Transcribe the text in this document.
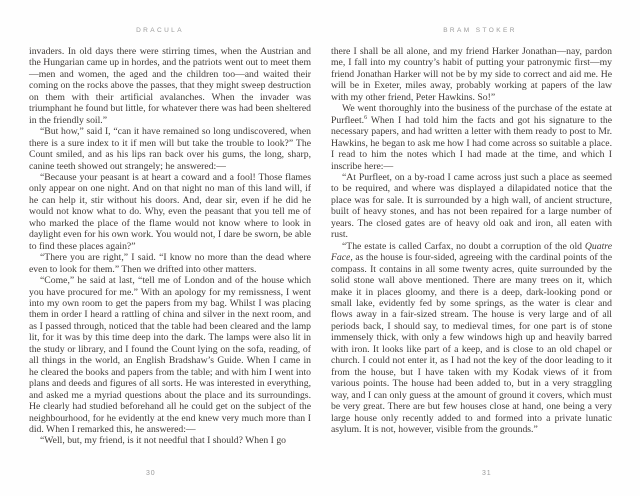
DRACULA

invaders. In old days there were stirring times, when the Austrian and the Hungarian came up in hordes, and the patriots went out to meet them—men and women, the aged and the children too—and waited their coming on the rocks above the passes, that they might sweep destruction on them with their artificial avalanches. When the invader was triumphant he found but little, for whatever there was had been sheltered in the friendly soil.”

“But how,” said I, “can it have remained so long undiscovered, when there is a sure index to it if men will but take the trouble to look?” The Count smiled, and as his lips ran back over his gums, the long, sharp, canine teeth showed out strangely; he answered:—

“Because your peasant is at heart a coward and a fool! Those flames only appear on one night. And on that night no man of this land will, if he can help it, stir without his doors. And, dear sir, even if he did he would not know what to do. Why, even the peasant that you tell me of who marked the place of the flame would not know where to look in daylight even for his own work. You would not, I dare be sworn, be able to find these places again?”

“There you are right,” I said. “I know no more than the dead where even to look for them.” Then we drifted into other matters.

“Come,” he said at last, “tell me of London and of the house which you have procured for me.” With an apology for my remissness, I went into my own room to get the papers from my bag. Whilst I was placing them in order I heard a rattling of china and silver in the next room, and as I passed through, noticed that the table had been cleared and the lamp lit, for it was by this time deep into the dark. The lamps were also lit in the study or library, and I found the Count lying on the sofa, reading, of all things in the world, an English Bradshaw’s Guide. When I came in he cleared the books and papers from the table; and with him I went into plans and deeds and figures of all sorts. He was interested in everything, and asked me a myriad questions about the place and its surroundings. He clearly had studied beforehand all he could get on the subject of the neighbourhood, for he evidently at the end knew very much more than I did. When I remarked this, he answered:—

“Well, but, my friend, is it not needful that I should? When I go

30
BRAM STOKER

there I shall be all alone, and my friend Harker Jonathan—nay, pardon me, I fall into my country’s habit of putting your patronymic first—my friend Jonathan Harker will not be by my side to correct and aid me. He will be in Exeter, miles away, probably working at papers of the law with my other friend, Peter Hawkins. So!”

We went thoroughly into the business of the purchase of the estate at Purfleet.$^6$ When I had told him the facts and got his signature to the necessary papers, and had written a letter with them ready to post to Mr. Hawkins, he began to ask me how I had come across so suitable a place. I read to him the notes which I had made at the time, and which I inscribe here:—

“At Purfleet, on a by-road I came across just such a place as seemed to be required, and where was displayed a dilapidated notice that the place was for sale. It is surrounded by a high wall, of ancient structure, built of heavy stones, and has not been repaired for a large number of years. The closed gates are of heavy old oak and iron, all eaten with rust.

“The estate is called Carfax, no doubt a corruption of the old Quatre Face, as the house is four-sided, agreeing with the cardinal points of the compass. It contains in all some twenty acres, quite surrounded by the solid stone wall above mentioned. There are many trees on it, which make it in places gloomy, and there is a deep, dark-looking pond or small lake, evidently fed by some springs, as the water is clear and flows away in a fair-sized stream. The house is very large and of all periods back, I should say, to medieval times, for one part is of stone immensely thick, with only a few windows high up and heavily barred with iron. It looks like part of a keep, and is close to an old chapel or church. I could not enter it, as I had not the key of the door leading to it from the house, but I have taken with my Kodak views of it from various points. The house had been added to, but in a very straggling way, and I can only guess at the amount of ground it covers, which must be very great. There are but few houses close at hand, one being a very large house only recently added to and formed into a private lunatic asylum. It is not, however, visible from the grounds.”

31
